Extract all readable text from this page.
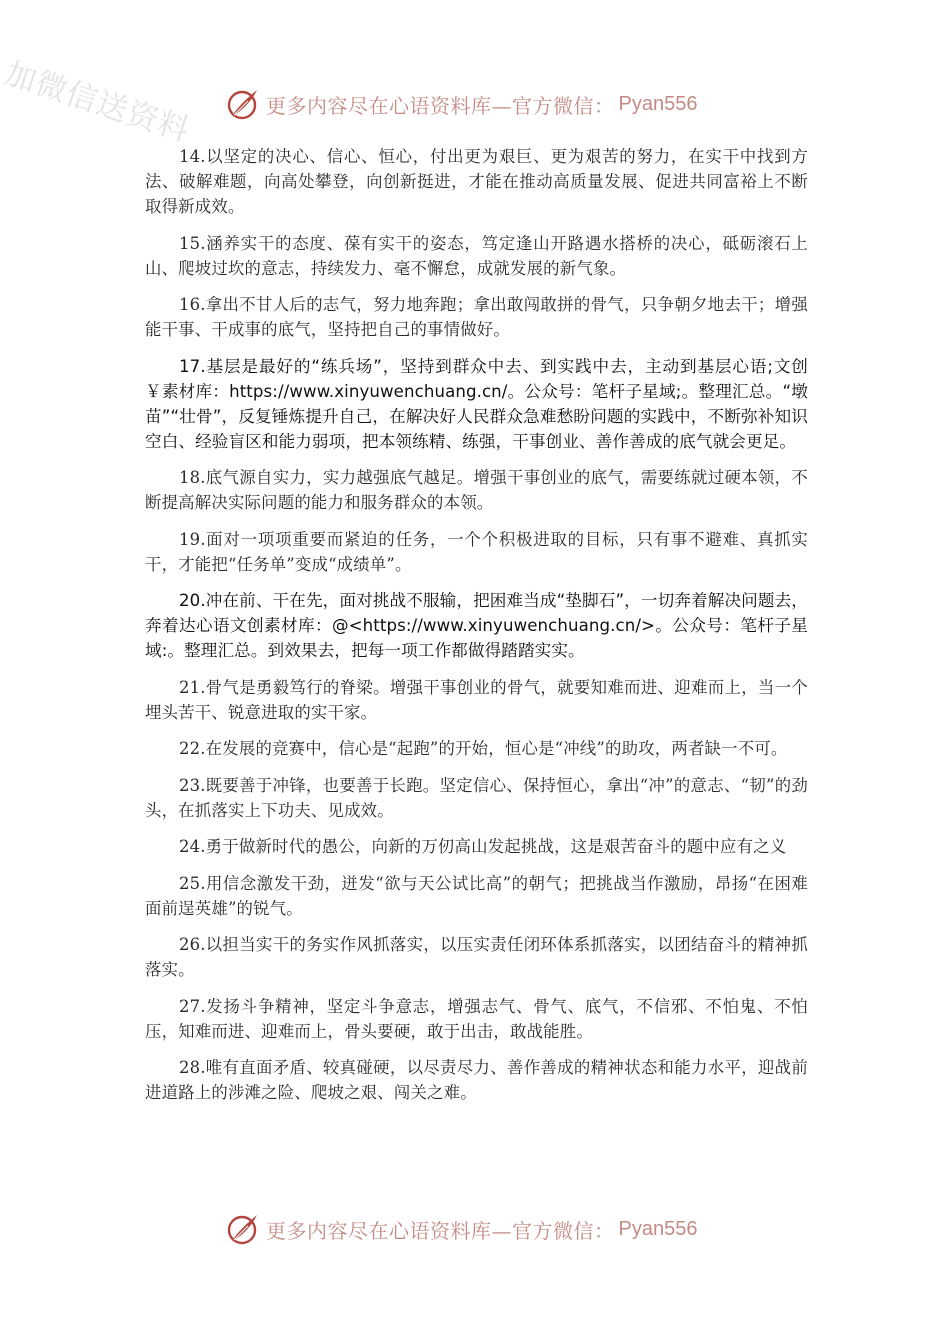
加微信送资料	更多内容尽在心语资料库—官方微信： Pyan556

14.以坚定的决心、信心、恒心，付出更为艰巨、更为艰苦的努力，在实干中找到方法、破解难题，向高处攀登，向创新挺进，才能在推动高质量发展、促进共同富裕上不断取得新成效。

15.涵养实干的态度、葆有实干的姿态，笃定逢山开路遇水搭桥的决心，砥砺滚石上山、爬坡过坎的意志，持续发力、毫不懈怠，成就发展的新气象。

16.拿出不甘人后的志气，努力地奔跑；拿出敢闯敢拼的骨气，只争朝夕地去干；增强能干事、干成事的底气，坚持把自己的事情做好。

17.基层是最好的“练兵场”，坚持到群众中去、到实践中去，主动到基层心语;文创￥素材库：https://www.xinyuwenchuang.cn/。公众号：笔杆子星域;。整理汇总。“墩苗”“壮骨”，反复锤炼提升自己，在解决好人民群众急难愁盼问题的实践中，不断弥补知识空白、经验盲区和能力弱项，把本领练精、练强，干事创业、善作善成的底气就会更足。

18.底气源自实力，实力越强底气越足。增强干事创业的底气，需要练就过硬本领，不断提高解决实际问题的能力和服务群众的本领。

19.面对一项项重要而紧迫的任务，一个个积极进取的目标，只有事不避难、真抓实干，才能把“任务单”变成“成绩单”。

20.冲在前、干在先，面对挑战不服输，把困难当成“垫脚石”，一切奔着解决问题去，奔着达心语文创素材库：@<https://www.xinyuwenchuang.cn/>。公众号：笔杆子星域:。整理汇总。到效果去，把每一项工作都做得踏踏实实。

21.骨气是勇毅笃行的脊梁。增强干事创业的骨气，就要知难而进、迎难而上，当一个埋头苦干、锐意进取的实干家。

22.在发展的竞赛中，信心是“起跑”的开始，恒心是“冲线”的助攻，两者缺一不可。

23.既要善于冲锋，也要善于长跑。坚定信心、保持恒心，拿出“冲”的意志、“韧”的劲头，在抓落实上下功夫、见成效。

24.勇于做新时代的愚公，向新的万仞高山发起挑战，这是艰苦奋斗的题中应有之义

25.用信念激发干劲，迸发“欲与天公试比高”的朝气；把挑战当作激励，昂扬“在困难面前逞英雄”的锐气。

26.以担当实干的务实作风抓落实，以压实责任闭环体系抓落实，以团结奋斗的精神抓落实。

27.发扬斗争精神，坚定斗争意志，增强志气、骨气、底气，不信邪、不怕鬼、不怕压，知难而进、迎难而上，骨头要硬，敢于出击，敢战能胜。

28.唯有直面矛盾、较真碰硬，以尽责尽力、善作善成的精神状态和能力水平，迎战前进道路上的涉滩之险、爬坡之艰、闯关之难。

更多内容尽在心语资料库—官方微信： Pyan556
